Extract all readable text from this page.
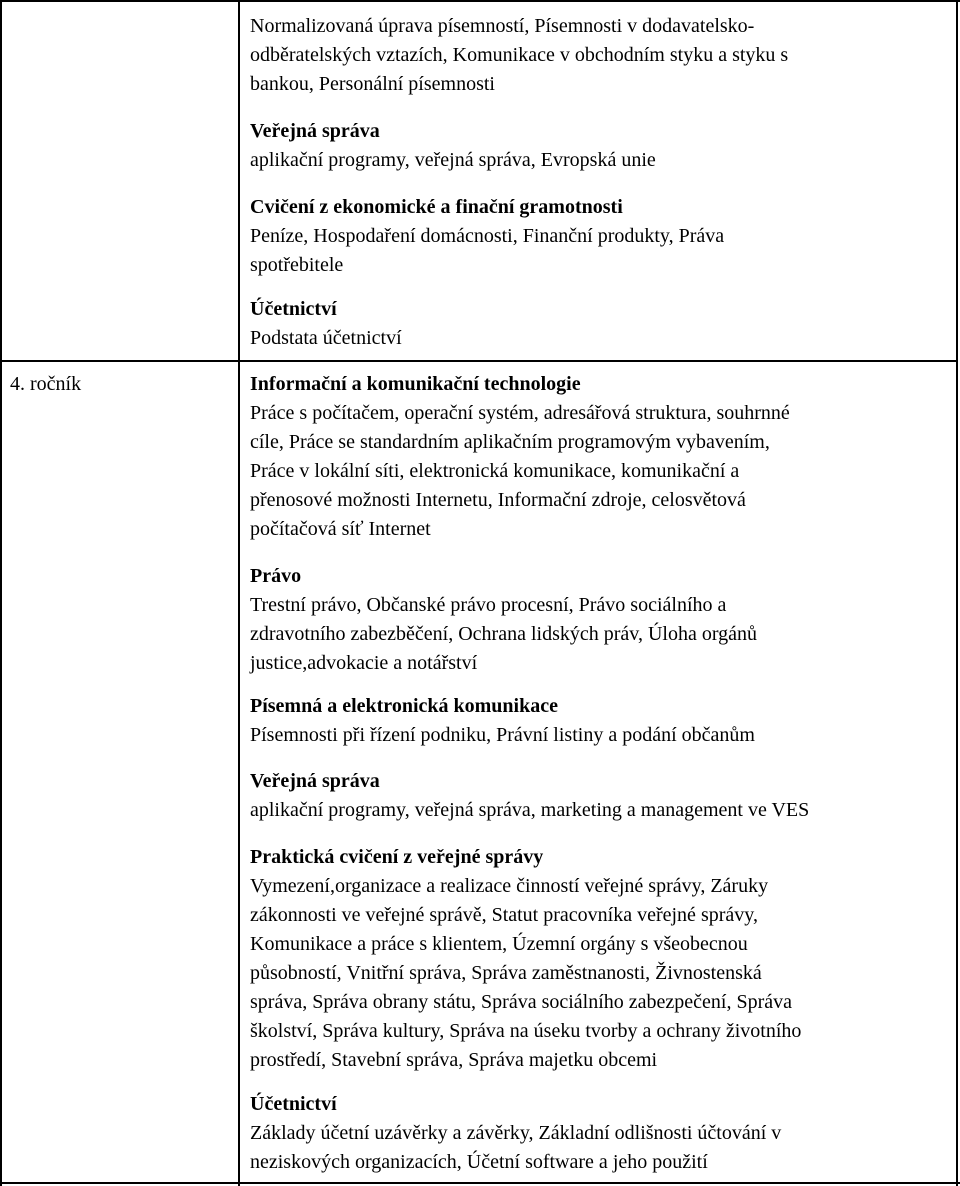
4. ročník

Normalizovaná úprava písemností, Písemnosti v dodavatelsko-

odběratelských vztazích, Komunikace v obchodním styku a styku s

bankou, Personální písemnosti

Veřejná správa

aplikační programy, veřejná správa, Evropská unie

Cvičení z ekonomické a finační gramotnosti

Peníze, Hospodaření domácnosti, Finanční produkty, Práva

spotřebitele

Účetnictví

Podstata účetnictví

Informační a komunikační technologie

Práce s počítačem, operační systém, adresářová struktura, souhrnné

cíle, Práce se standardním aplikačním programovým vybavením,

Práce v lokální síti, elektronická komunikace, komunikační a

přenosové možnosti Internetu, Informační zdroje, celosvětová

počítačová síť Internet

Právo

Trestní právo, Občanské právo procesní, Právo sociálního a

zdravotního zabezběčení, Ochrana lidských práv, Úloha orgánů

justice,advokacie a notářství

Písemná a elektronická komunikace

Písemnosti při řízení podniku, Právní listiny a podání občanům

Veřejná správa

aplikační programy, veřejná správa, marketing a management ve VES

Praktická cvičení z veřejné správy

Vymezení,organizace a realizace činností veřejné správy, Záruky

zákonnosti ve veřejné správě, Statut pracovníka veřejné správy,

Komunikace a práce s klientem, Územní orgány s všeobecnou

působností, Vnitřní správa, Správa zaměstnanosti, Živnostenská

správa, Správa obrany státu, Správa sociálního zabezpečení, Správa

školství, Správa kultury, Správa na úseku tvorby a ochrany životního

prostředí, Stavební správa, Správa majetku obcemi

Účetnictví

Základy účetní uzávěrky a závěrky, Základní odlišnosti účtování v

neziskových organizacích, Účetní software a jeho použití
